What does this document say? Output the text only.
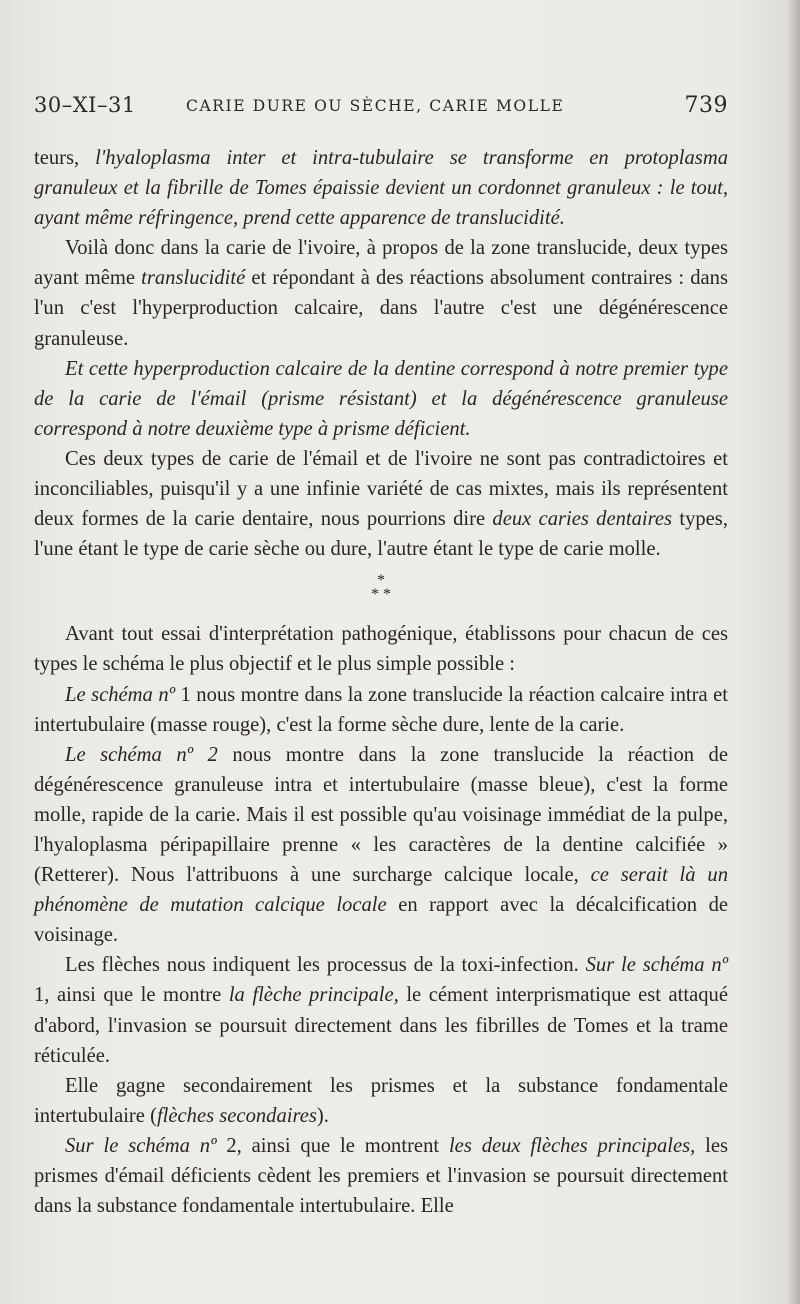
30–XI–31	CARIE DURE OU SÈCHE, CARIE MOLLE	739

teurs, l'hyaloplasma inter et intra-tubulaire se transforme en protoplasma granuleux et la fibrille de Tomes épaissie devient un cordonnet granuleux : le tout, ayant même réfringence, prend cette apparence de translucidité.

Voilà donc dans la carie de l'ivoire, à propos de la zone translucide, deux types ayant même translucidité et répondant à des réactions absolument contraires : dans l'un c'est l'hyperproduction calcaire, dans l'autre c'est une dégénérescence granuleuse.

Et cette hyperproduction calcaire de la dentine correspond à notre premier type de la carie de l'émail (prisme résistant) et la dégénérescence granuleuse correspond à notre deuxième type à prisme déficient.

Ces deux types de carie de l'émail et de l'ivoire ne sont pas contradictoires et inconciliables, puisqu'il y a une infinie variété de cas mixtes, mais ils représentent deux formes de la carie dentaire, nous pourrions dire deux caries dentaires types, l'une étant le type de carie sèche ou dure, l'autre étant le type de carie molle.

*
* *

Avant tout essai d'interprétation pathogénique, établissons pour chacun de ces types le schéma le plus objectif et le plus simple possible :

Le schéma nº 1 nous montre dans la zone translucide la réaction calcaire intra et intertubulaire (masse rouge), c'est la forme sèche dure, lente de la carie.

Le schéma nº 2 nous montre dans la zone translucide la réaction de dégénérescence granuleuse intra et intertubulaire (masse bleue), c'est la forme molle, rapide de la carie. Mais il est possible qu'au voisinage immédiat de la pulpe, l'hyaloplasma péripapillaire prenne « les caractères de la dentine calcifiée » (Retterer). Nous l'attribuons à une surcharge calcique locale, ce serait là un phénomène de mutation calcique locale en rapport avec la décalcification de voisinage.

Les flèches nous indiquent les processus de la toxi-infection. Sur le schéma nº 1, ainsi que le montre la flèche principale, le cément interprismatique est attaqué d'abord, l'invasion se poursuit directement dans les fibrilles de Tomes et la trame réticulée.

Elle gagne secondairement les prismes et la substance fondamentale intertubulaire (flèches secondaires).

Sur le schéma nº 2, ainsi que le montrent les deux flèches principales, les prismes d'émail déficients cèdent les premiers et l'invasion se poursuit directement dans la substance fondamentale intertubulaire. Elle
